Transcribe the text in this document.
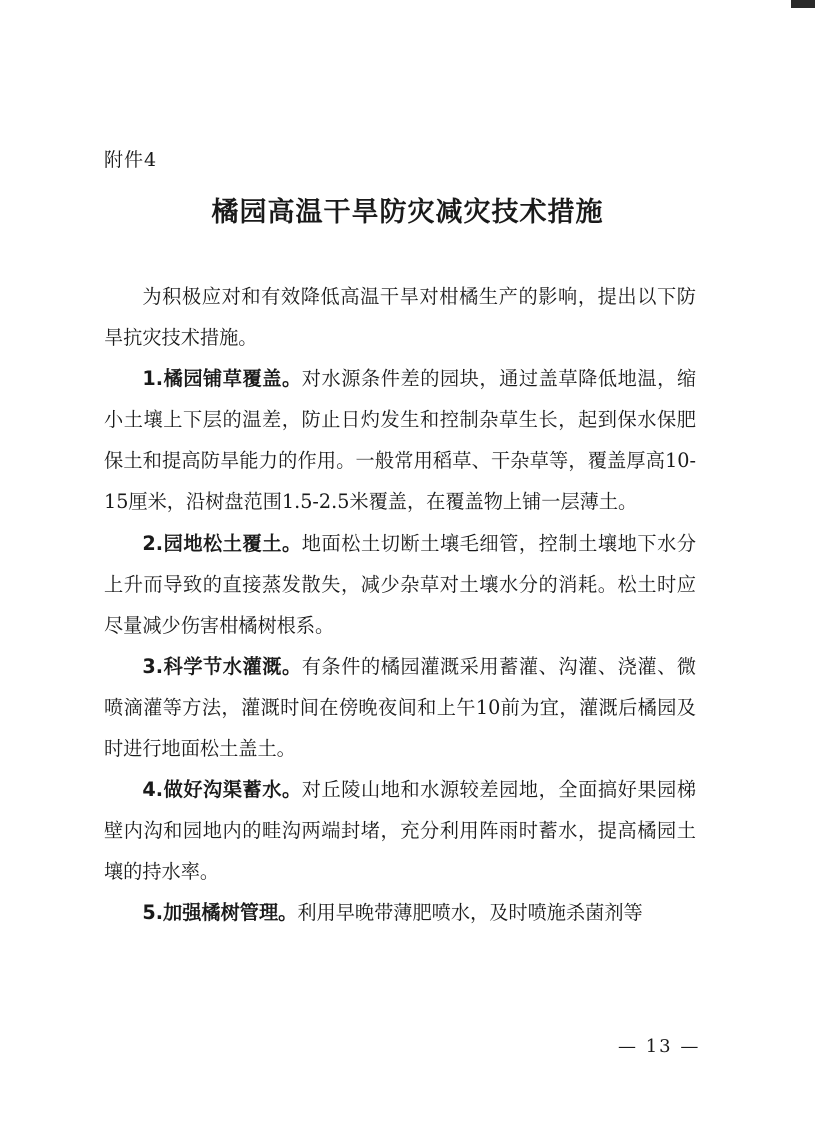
附件4
橘园高温干旱防灾减灾技术措施

为积极应对和有效降低高温干旱对柑橘生产的影响，提出以下防旱抗灾技术措施。

1.橘园铺草覆盖。对水源条件差的园块，通过盖草降低地温，缩小土壤上下层的温差，防止日灼发生和控制杂草生长，起到保水保肥保土和提高防旱能力的作用。一般常用稻草、干杂草等，覆盖厚高10-15厘米，沿树盘范围1.5-2.5米覆盖，在覆盖物上铺一层薄土。

2.园地松土覆土。地面松土切断土壤毛细管，控制土壤地下水分上升而导致的直接蒸发散失，减少杂草对土壤水分的消耗。松土时应尽量减少伤害柑橘树根系。

3.科学节水灌溉。有条件的橘园灌溉采用蓄灌、沟灌、浇灌、微喷滴灌等方法，灌溉时间在傍晚夜间和上午10前为宜，灌溉后橘园及时进行地面松土盖土。

4.做好沟渠蓄水。对丘陵山地和水源较差园地，全面搞好果园梯壁内沟和园地内的畦沟两端封堵，充分利用阵雨时蓄水，提高橘园土壤的持水率。

5.加强橘树管理。利用早晚带薄肥喷水，及时喷施杀菌剂等

— 13 —
